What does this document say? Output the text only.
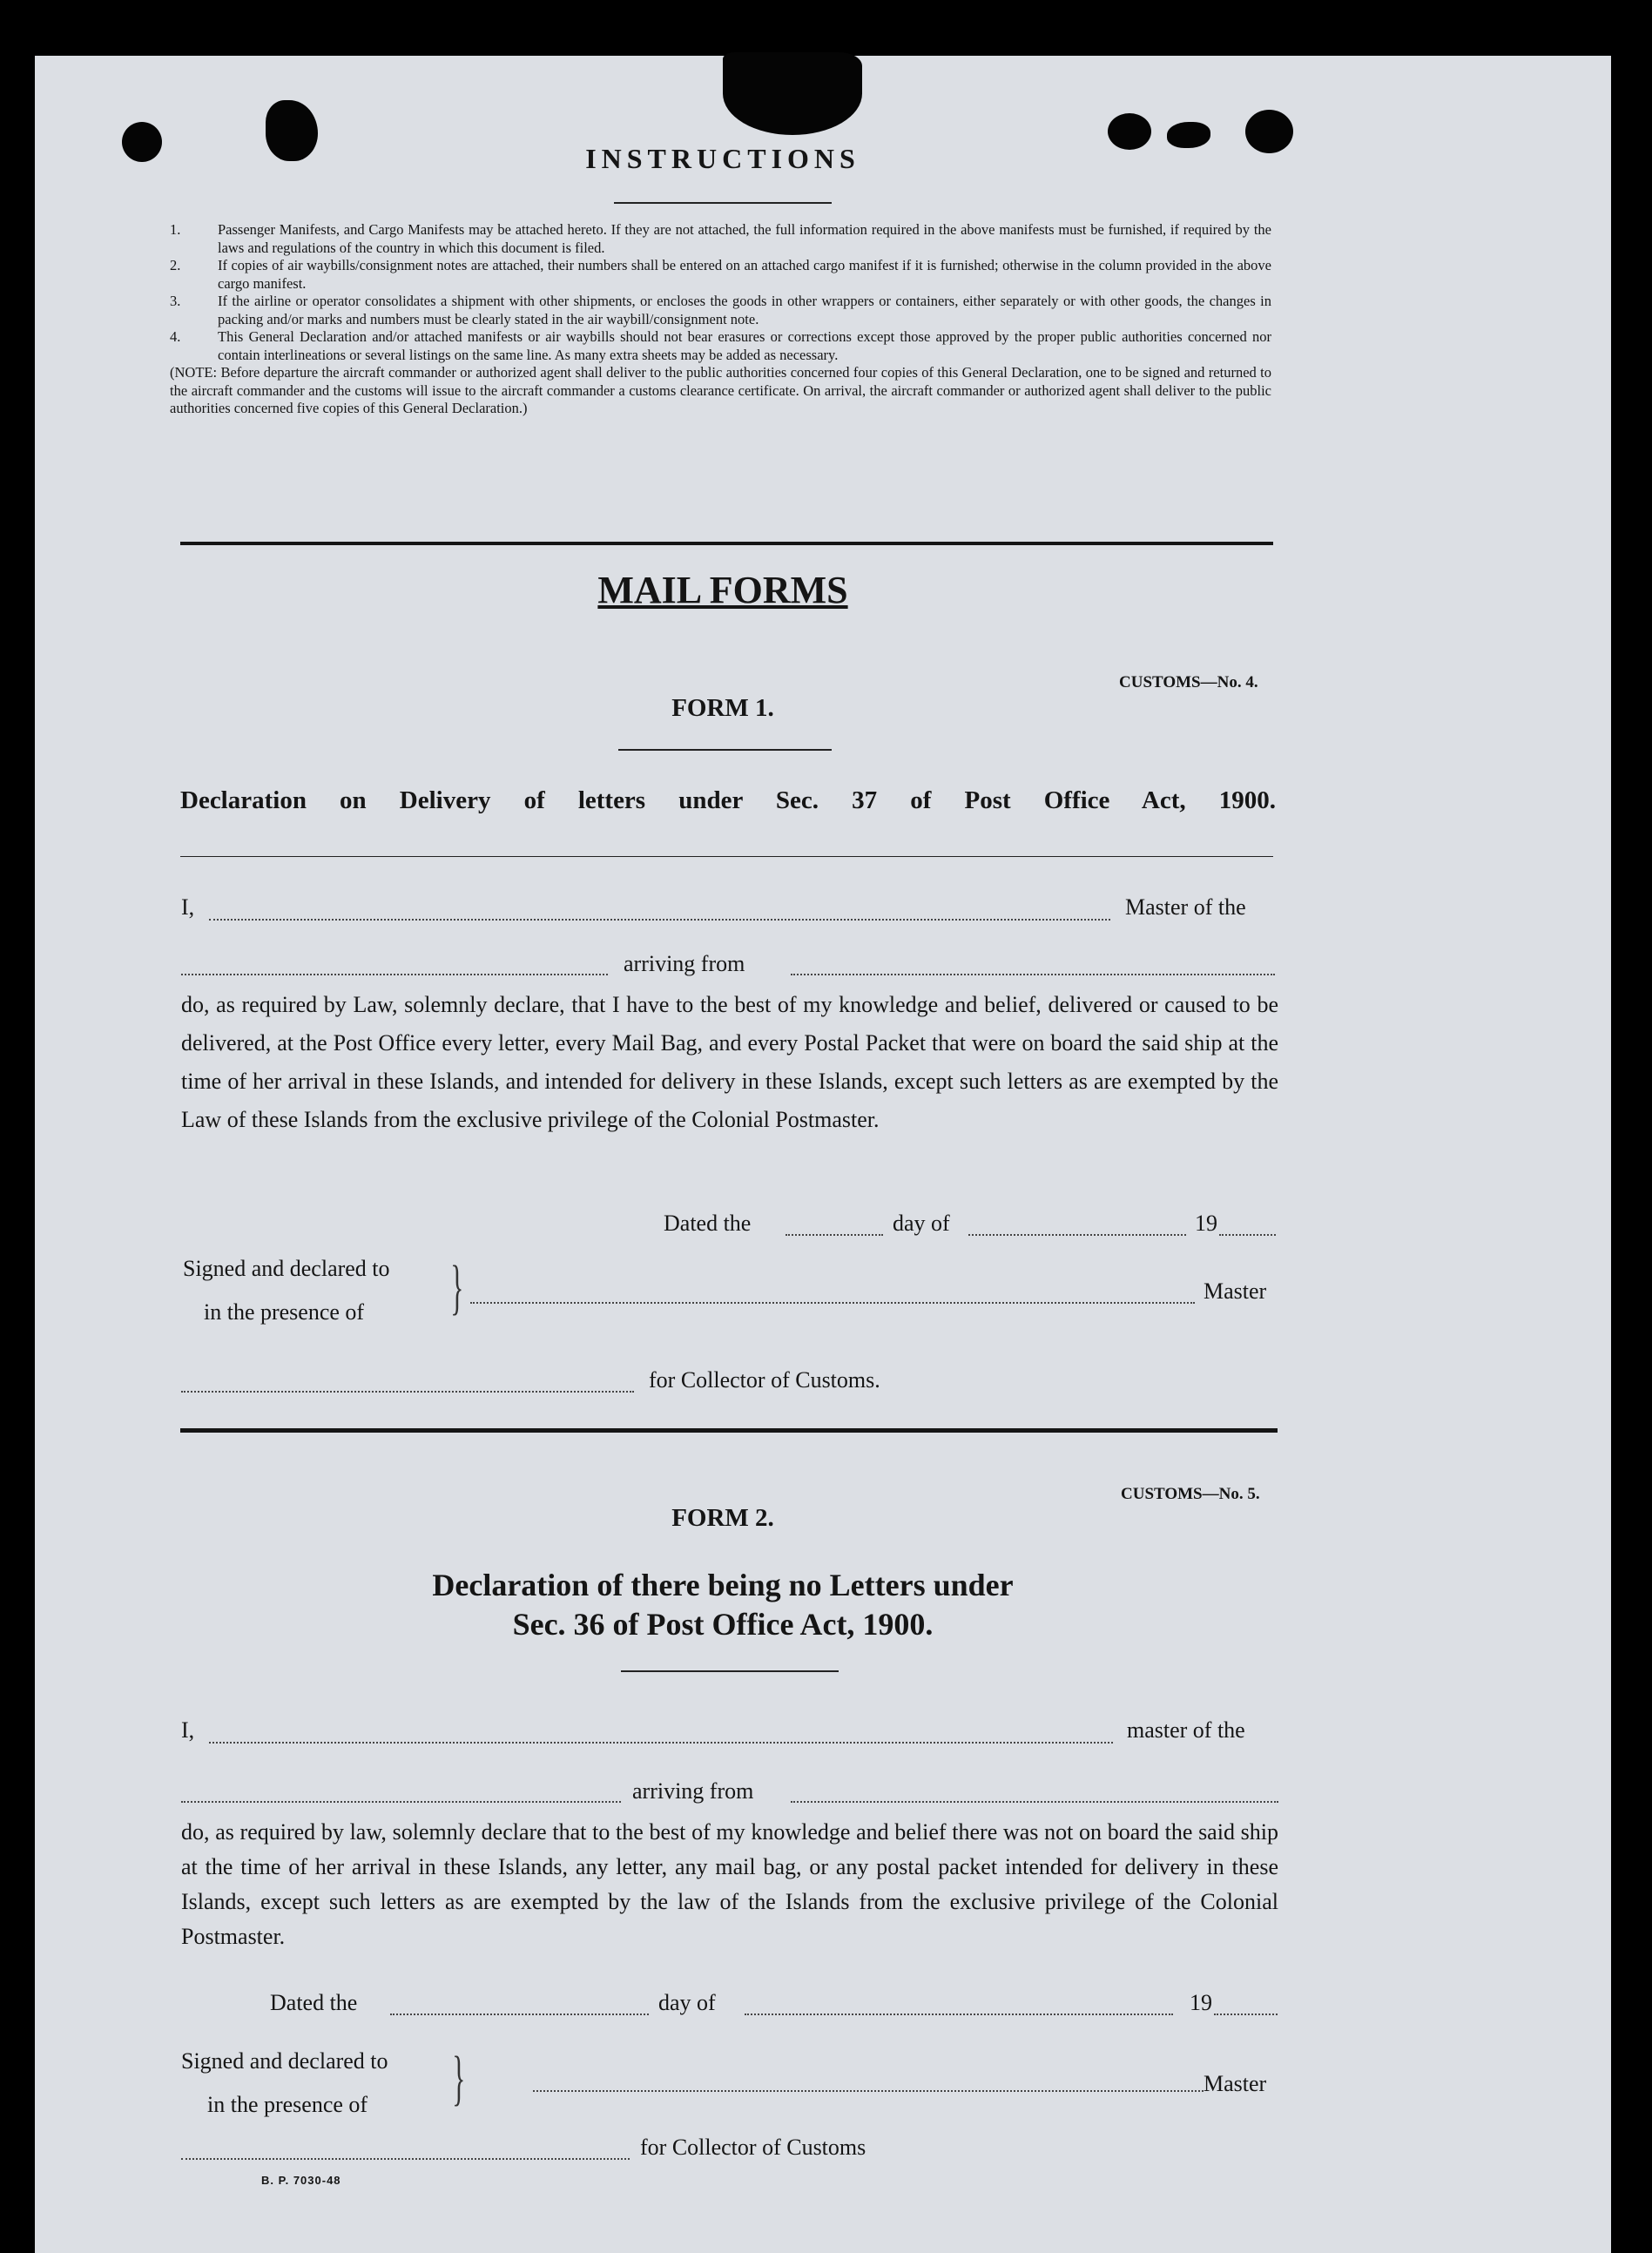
INSTRUCTIONS
1.	Passenger Manifests, and Cargo Manifests may be attached hereto. If they are not attached, the full information required in the above manifests must be furnished, if required by the laws and regulations of the country in which this document is filed.
2.	If copies of air waybills/consignment notes are attached, their numbers shall be entered on an attached cargo manifest if it is furnished; otherwise in the column provided in the above cargo manifest.
3.	If the airline or operator consolidates a shipment with other shipments, or encloses the goods in other wrappers or containers, either separately or with other goods, the changes in packing and/or marks and numbers must be clearly stated in the air waybill/consignment note.
4.	This General Declaration and/or attached manifests or air waybills should not bear erasures or corrections except those approved by the proper public authorities concerned nor contain interlineations or several listings on the same line. As many extra sheets may be added as necessary.
(NOTE: Before departure the aircraft commander or authorized agent shall deliver to the public authorities concerned four copies of this General Declaration, one to be signed and returned to the aircraft commander and the customs will issue to the aircraft commander a customs clearance certificate. On arrival, the aircraft commander or authorized agent shall deliver to the public authorities concerned five copies of this General Declaration.)
MAIL FORMS
CUSTOMS—No. 4.
FORM 1.
Declaration on Delivery of letters under Sec. 37 of Post Office Act, 1900.
I,	Master of the
arriving from
do, as required by Law, solemnly declare, that I have to the best of my knowledge and belief, delivered or caused to be delivered, at the Post Office every letter, every Mail Bag, and every Postal Packet that were on board the said ship at the time of her arrival in these Islands, and intended for delivery in these Islands, except such letters as are exempted by the Law of these Islands from the exclusive privilege of the Colonial Postmaster.
Dated the	day of	19
Signed and declared to
in the presence of }	Master
for Collector of Customs.
CUSTOMS—No. 5.
FORM 2.
Declaration of there being no Letters under
Sec. 36 of Post Office Act, 1900.
I,	master of the
arriving from
do, as required by law, solemnly declare that to the best of my knowledge and belief there was not on board the said ship at the time of her arrival in these Islands, any letter, any mail bag, or any postal packet intended for delivery in these Islands, except such letters as are exempted by the law of the Islands from the exclusive privilege of the Colonial Postmaster.
Dated the	day of	19
Signed and declared to
in the presence of }	Master
for Collector of Customs
B. P. 7030-48
